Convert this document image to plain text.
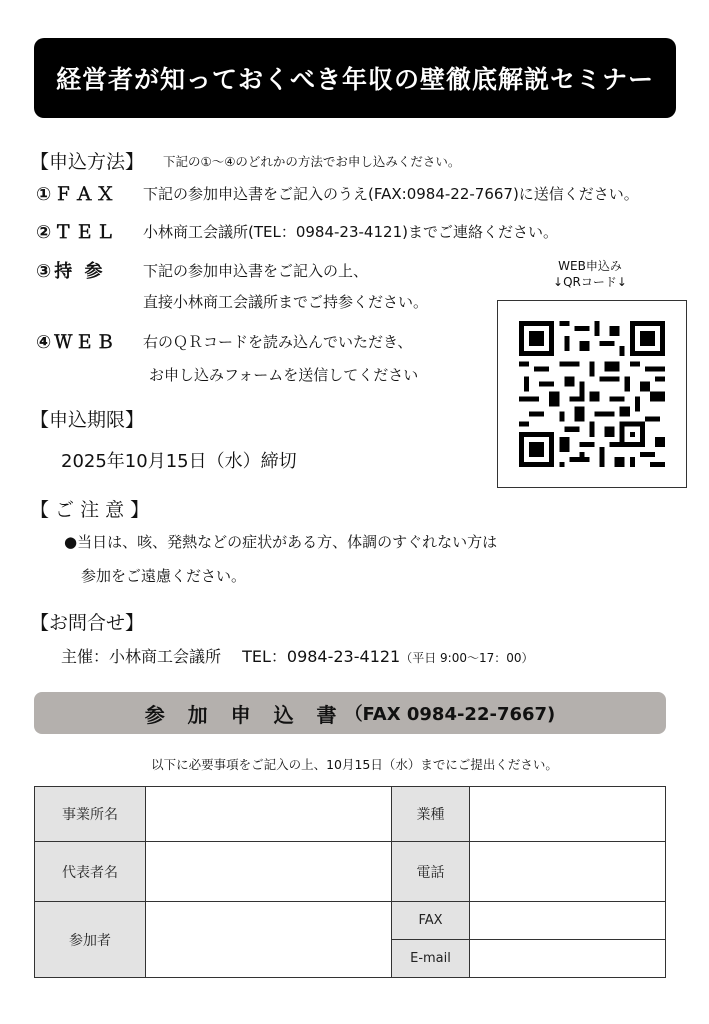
経営者が知っておくべき年収の壁徹底解説セミナー
【申込方法】 下記の①～④のどれかの方法でお申し込みください。
①ＦＡＸ 下記の参加申込書をご記入のうえ(FAX:0984-22-7667)に送信ください。
②ＴＥＬ 小林商工会議所(TEL：0984-23-4121)までご連絡ください。
③持 参 下記の参加申込書をご記入の上、
直接小林商工会議所までご持参ください。
④ＷＥＢ 右のＱＲコードを読み込んでいただき、
お申し込みフォームを送信してください
WEB申込み
↓QRコード↓
【申込期限】
2025年10月15日（水）締切
【 ご 注 意 】
●当日は、咳、発熱などの症状がある方、体調のすぐれない方は
参加をご遠慮ください。
【お問合せ】
主催：小林商工会議所　 TEL：0984-23-4121（平日 9:00～17：00）
参 加 申 込 書 （FAX 0984-22-7667)
以下に必要事項をご記入の上、10月15日（水）までにご提出ください。
事業所名		業種	
代表者名		電話	
参加者		FAX	
		E-mail	
